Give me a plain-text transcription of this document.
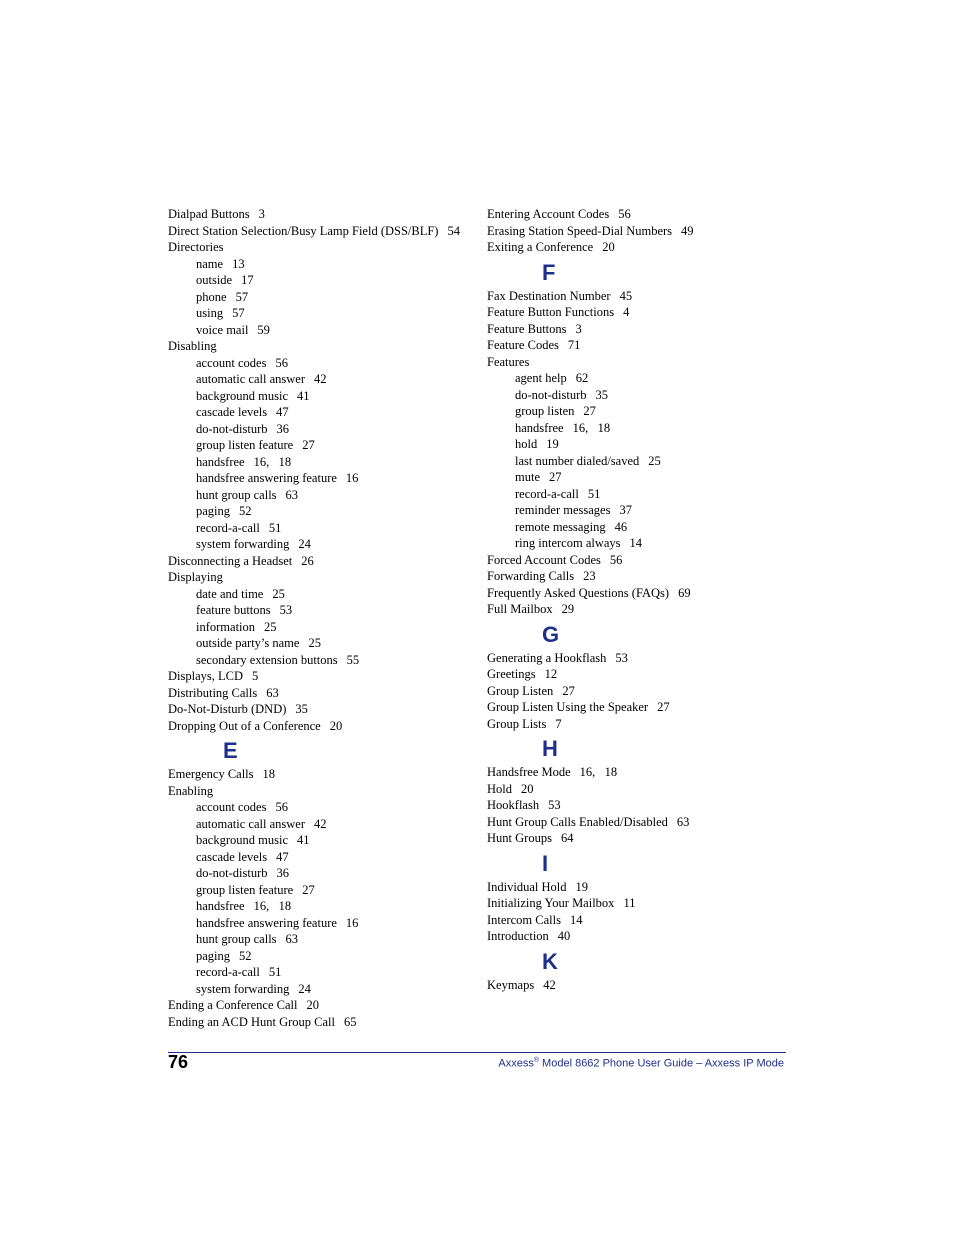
Dialpad Buttons 3
Direct Station Selection/Busy Lamp Field (DSS/BLF) 54
Directories
name 13
outside 17
phone 57
using 57
voice mail 59
Disabling
account codes 56
automatic call answer 42
background music 41
cascade levels 47
do-not-disturb 36
group listen feature 27
handsfree 16,   18
handsfree answering feature 16
hunt group calls 63
paging 52
record-a-call 51
system forwarding 24
Disconnecting a Headset 26
Displaying
date and time 25
feature buttons 53
information 25
outside party’s name 25
secondary extension buttons 55
Displays, LCD 5
Distributing Calls 63
Do-Not-Disturb (DND) 35
Dropping Out of a Conference 20
E
Emergency Calls 18
Enabling
account codes 56
automatic call answer 42
background music 41
cascade levels 47
do-not-disturb 36
group listen feature 27
handsfree 16,   18
handsfree answering feature 16
hunt group calls 63
paging 52
record-a-call 51
system forwarding 24
Ending a Conference Call 20
Ending an ACD Hunt Group Call 65
Entering Account Codes 56
Erasing Station Speed-Dial Numbers 49
Exiting a Conference 20
F
Fax Destination Number 45
Feature Button Functions 4
Feature Buttons 3
Feature Codes 71
Features
agent help 62
do-not-disturb 35
group listen 27
handsfree 16,   18
hold 19
last number dialed/saved 25
mute 27
record-a-call 51
reminder messages 37
remote messaging 46
ring intercom always 14
Forced Account Codes 56
Forwarding Calls 23
Frequently Asked Questions (FAQs) 69
Full Mailbox 29
G
Generating a Hookflash 53
Greetings 12
Group Listen 27
Group Listen Using the Speaker 27
Group Lists 7
H
Handsfree Mode 16,   18
Hold 20
Hookflash 53
Hunt Group Calls Enabled/Disabled 63
Hunt Groups 64
I
Individual Hold 19
Initializing Your Mailbox 11
Intercom Calls 14
Introduction 40
K
Keymaps 42
76	Axxess® Model 8662 Phone User Guide – Axxess IP Mode
